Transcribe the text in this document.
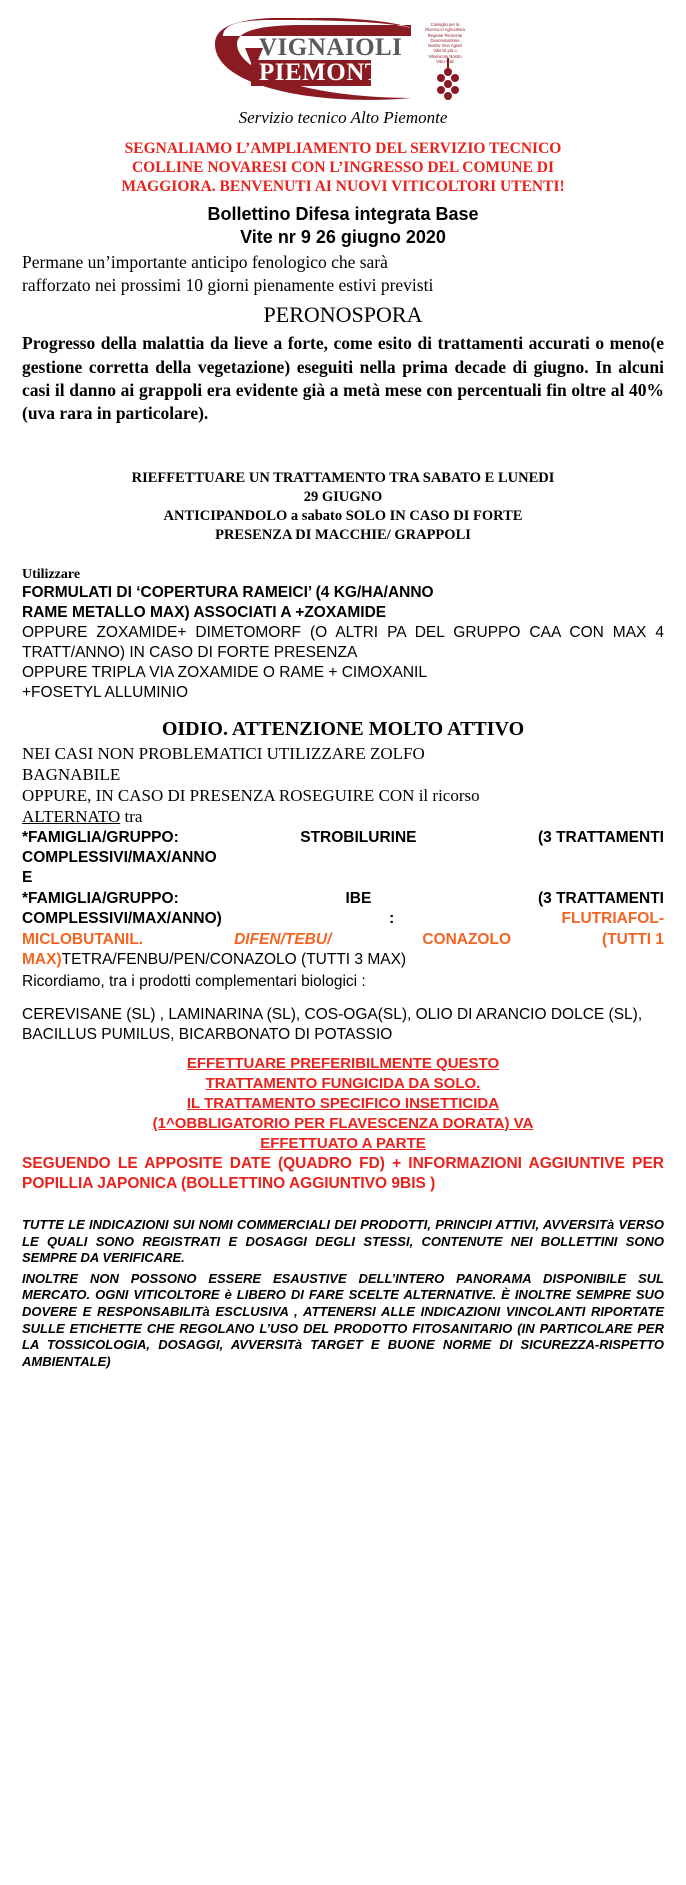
VIGNAIOLI
PIEMONTESI
Consiglio per la Ricerca in Agricoltura Regione Piemonte Denominazione Nostro Vino Agrari Vitis Di più o Vitivinicolo Nostro Vitro Vitis
Servizio tecnico Alto Piemonte
SEGNALIAMO L’AMPLIAMENTO DEL SERVIZIO TECNICO
COLLINE NOVARESI CON L’INGRESSO DEL COMUNE DI
MAGGIORA. BENVENUTI AI NUOVI VITICOLTORI UTENTI!
Bollettino Difesa integrata Base
Vite nr 9 26 giugno 2020
Permane un’importante anticipo fenologico che sarà
rafforzato nei prossimi 10 giorni pienamente estivi previsti
PERONOSPORA
Progresso della malattia da lieve a forte, come esito di trattamenti accurati o meno(e gestione corretta della vegetazione) eseguiti nella prima decade di giugno. In alcuni casi il danno ai grappoli era evidente già a metà mese con percentuali fin oltre al 40% (uva rara in particolare).
RIEFFETTUARE UN TRATTAMENTO TRA SABATO E LUNEDI
29 GIUGNO
ANTICIPANDOLO a sabato SOLO IN CASO DI FORTE
PRESENZA DI MACCHIE/ GRAPPOLI
Utilizzare
FORMULATI DI ‘COPERTURA RAMEICI’ (4 KG/HA/ANNO
RAME METALLO MAX) ASSOCIATI A +ZOXAMIDE
OPPURE ZOXAMIDE+ DIMETOMORF (O ALTRI PA DEL GRUPPO CAA CON MAX 4 TRATT/ANNO) IN CASO DI FORTE PRESENZA
OPPURE TRIPLA VIA ZOXAMIDE O RAME + CIMOXANIL
+FOSETYL ALLUMINIO
OIDIO. ATTENZIONE MOLTO ATTIVO
NEI CASI NON PROBLEMATICI UTILIZZARE ZOLFO
BAGNABILE
OPPURE, IN CASO DI PRESENZA ROSEGUIRE CON il ricorso
ALTERNATO tra
*FAMIGLIA/GRUPPO:	STROBILURINE	(3 TRATTAMENTI
COMPLESSIVI/MAX/ANNO
E
*FAMIGLIA/GRUPPO:	IBE	(3 TRATTAMENTI
COMPLESSIVI/MAX/ANNO)	:	FLUTRIAFOL-
MICLOBUTANIL.	DIFEN/TEBU/	CONAZOLO	(TUTTI 1
MAX)TETRA/FENBU/PEN/CONAZOLO (TUTTI 3 MAX)
Ricordiamo, tra i prodotti complementari biologici :
CEREVISANE (SL) , LAMINARINA (SL), COS-OGA(SL), OLIO DI ARANCIO DOLCE (SL), BACILLUS PUMILUS, BICARBONATO DI POTASSIO
EFFETTUARE PREFERIBILMENTE QUESTO
TRATTAMENTO FUNGICIDA DA SOLO.
IL TRATTAMENTO SPECIFICO INSETTICIDA
(1^OBBLIGATORIO PER FLAVESCENZA DORATA) VA
EFFETTUATO A PARTE
SEGUENDO LE APPOSITE DATE (QUADRO FD) + INFORMAZIONI AGGIUNTIVE PER POPILLIA JAPONICA (BOLLETTINO AGGIUNTIVO 9BIS )
TUTTE LE INDICAZIONI SUI NOMI COMMERCIALI DEI PRODOTTI, PRINCIPI ATTIVI, AVVERSITà VERSO LE QUALI SONO REGISTRATI E DOSAGGI DEGLI STESSI, CONTENUTE NEI BOLLETTINI SONO SEMPRE DA VERIFICARE.
INOLTRE NON POSSONO ESSERE ESAUSTIVE DELL’INTERO PANORAMA DISPONIBILE SUL MERCATO. OGNI VITICOLTORE è LIBERO DI FARE SCELTE ALTERNATIVE. È INOLTRE SEMPRE SUO DOVERE E RESPONSABILITà ESCLUSIVA , ATTENERSI ALLE INDICAZIONI VINCOLANTI RIPORTATE SULLE ETICHETTE CHE REGOLANO L’USO DEL PRODOTTO FITOSANITARIO (IN PARTICOLARE PER LA TOSSICOLOGIA, DOSAGGI, AVVERSITà TARGET E BUONE NORME DI SICUREZZA-RISPETTO AMBIENTALE)
